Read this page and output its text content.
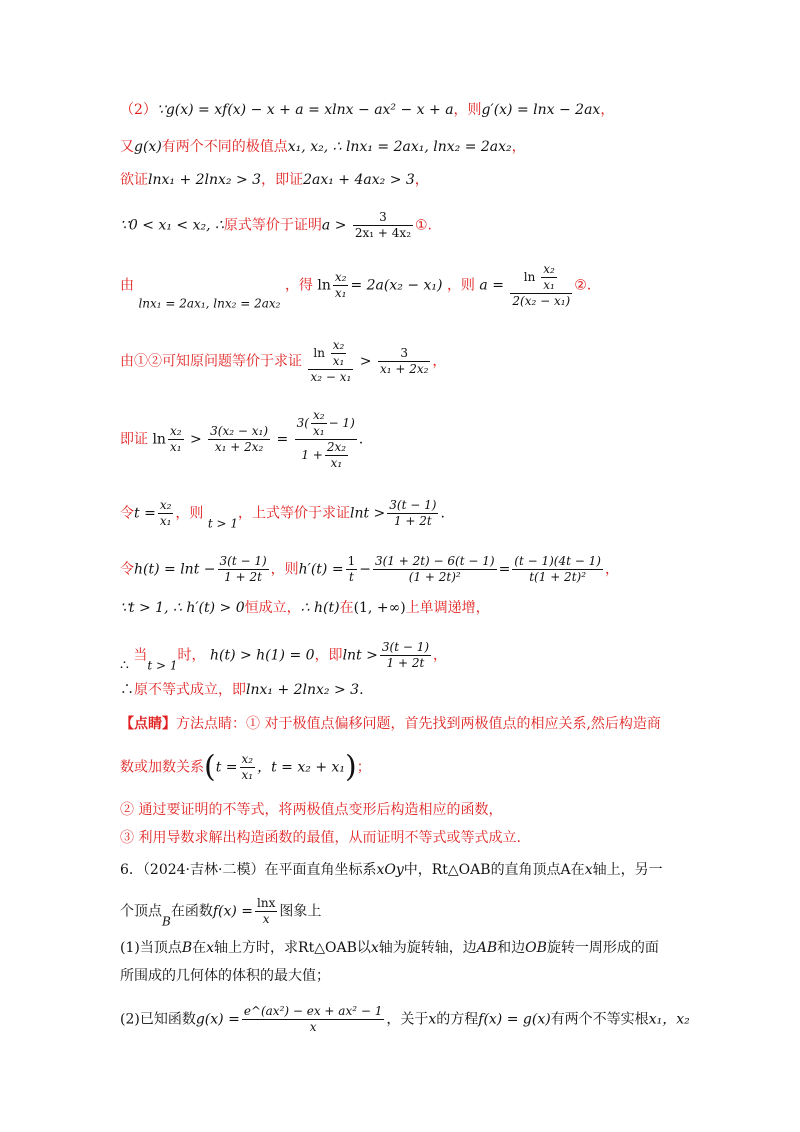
（2）∵g(x) = xf(x) − x + a = xlnx − ax² − x + a，则g′(x) = lnx − 2ax，
又g(x)有两个不同的极值点x₁, x₂, ∴ lnx₁ = 2ax₁, lnx₂ = 2ax₂，
欲证lnx₁ + 2lnx₂ > 3，即证2ax₁ + 4ax₂ > 3，
∵0 < x₁ < x₂, ∴原式等价于证明$a > \frac{3}{\text{2x₁ + 4x₂}}$ ①.
由 lnx₁ = 2ax₁, lnx₂ = 2ax₂ ，得 $\ln \frac{\text{x₂}}{\text{x₁}} = 2a(x_2 - x_1)$ ，则 $a = \frac{\ln \frac{\text{x₂}}{\text{x₁}}}{\text{2(x₂ − x₁)}}$ ②.
由①②可知原问题等价于求证 $\frac{\ln \frac{\text{x₂}}{\text{x₁}}}{\text{x₂ − x₁}} > \frac{3}{\text{x₁ + 2x₂}}$ ，
即证 $\ln \frac{\text{x₂}}{\text{x₁}} > \frac{\text{3(x₂ − x₁)}}{\text{x₁ + 2x₂}} = \frac{3( \frac{\text{x₂}}{\text{x₁}} - 1)}{1 + \frac{\text{2x₂}}{\text{x₁}}}$ .
令$t = \frac{\text{x₂}}{\text{x₁}}$ ，则 t > 1，上式等价于求证$\ln t > \frac{3(t - 1)}{1 + 2t}$ .
令$h(t) = \ln t - \frac{3(t - 1)}{1 + 2t}$ ，则$h'(t) = \frac{1}{t} - \frac{3(1 + 2t) - 6(t - 1)}{\text{(1 + 2t)²}} = \frac{(t - 1)(4t - 1)}{\text{t(1 + 2t)²}}$ ，
∵t > 1, ∴ h′(t) > 0恒成立，∴ h(t)在(1, +∞)上单调递增，
∴ 当t > 1时， h(t) > h(1) = 0，即$\ln t > \frac{3(t - 1)}{1 + 2t}$ ，
∴原不等式成立，即lnx₁ + 2lnx₂ > 3.
【点睛】方法点睛：① 对于极值点偏移问题，首先找到两极值点的相应关系,然后构造商
数或加数关系($t = \frac{\text{x₂}}{\text{x₁}}$ ，t = x₂ + x₁)；
② 通过要证明的不等式，将两极值点变形后构造相应的函数，
③ 利用导数求解出构造函数的最值，从而证明不等式或等式成立.
6．（2024·吉林·二模）在平面直角坐标系xOy中，Rt△OAB的直角顶点A在x轴上，另一
个顶点B在函数$f(x) = \frac{\ln x}{x}$ 图象上
(1)当顶点B在x轴上方时，求Rt△OAB以x轴为旋转轴，边AB和边OB旋转一周形成的面
所围成的几何体的体积的最大值；
(2)已知函数$g(x) = \frac{\text{e\textasciicircum{}(ax²) − ex + ax² − 1}}{x}$ ，关于x的方程f(x) = g(x)有两个不等实根x₁，x₂
